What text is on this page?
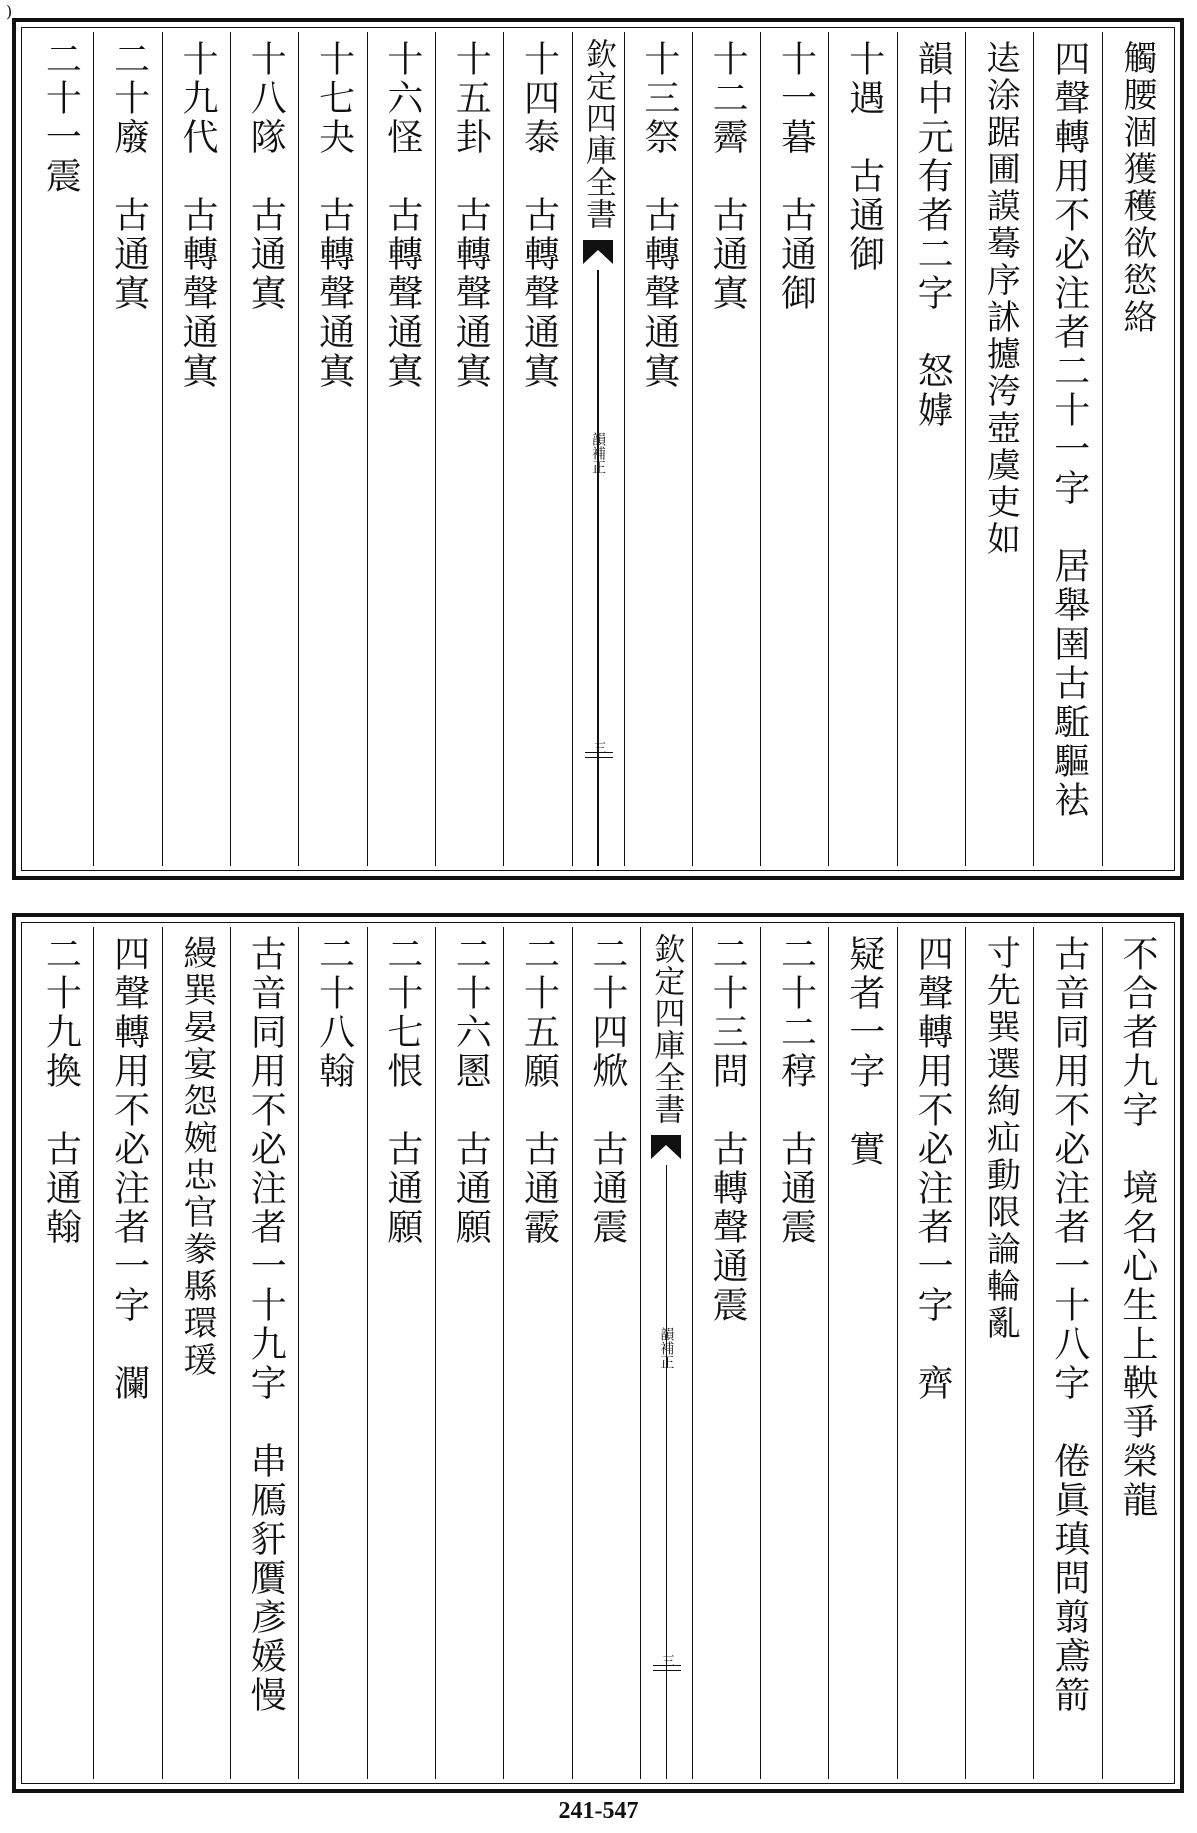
)
觸腰涸獲穫欲慾絡
四聲轉用不必注者二十一字　居舉圉古駈驅袪
迲涂踞圃謨蓦序訹攄洿壺虞吏如
韻中元有者二字　怒嫭
十遇　古通御
十一暮　古通御
十二霽　古通寘
十三祭　古轉聲通寘
欽定四庫全書
韻補正
三
十四泰　古轉聲通寘
十五卦　古轉聲通寘
十六怪　古轉聲通寘
十七夬　古轉聲通寘
十八隊　古通寘
十九代　古轉聲通寘
二十廢　古通寘
二十一震
不合者九字　境名心生上鞅爭榮龍
古音同用不必注者一十八字　倦眞瑱問翦鳶箭
寸先巽選絢疝動限論輪亂
四聲轉用不必注者一字　齊
疑者一字　實
二十二稕　古通震
二十三問　古轉聲通震
欽定四庫全書
韻補正
三
二十四焮　古通震
二十五願　古通霰
二十六慁　古通願
二十七恨　古通願
二十八翰
古音同用不必注者一十九字　串鴈豻贋彥媛慢
縵巽晏宴怨婉忠官豢縣環瑗
四聲轉用不必注者一字　瀾
二十九換　古通翰
241-547
